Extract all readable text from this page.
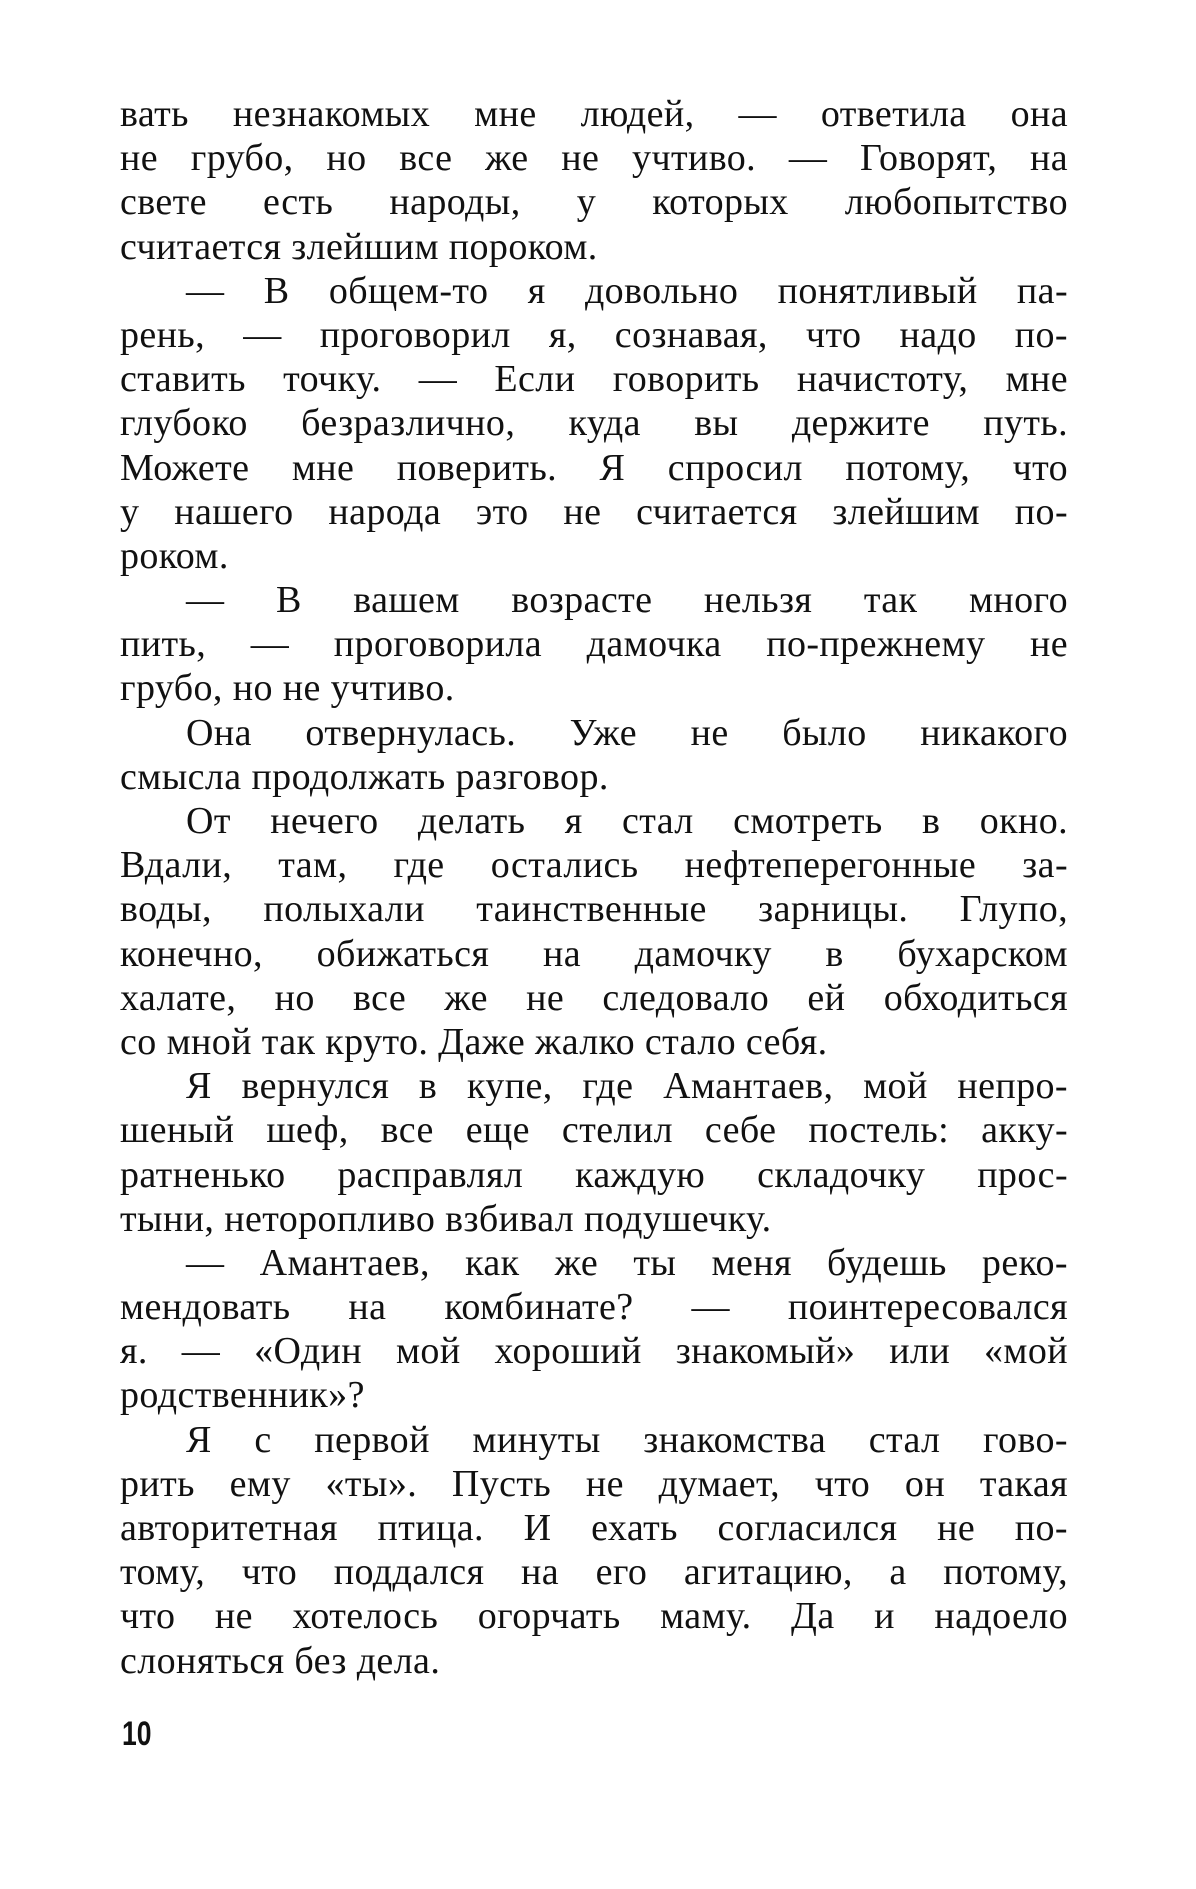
вать незнакомых мне людей, — ответила она
не грубо, но все же не учтиво. — Говорят, на
свете есть народы, у которых любопытство
считается злейшим пороком.
— В общем-то я довольно понятливый па-
рень, — проговорил я, сознавая, что надо по-
ставить точку. — Если говорить начистоту, мне
глубоко безразлично, куда вы держите путь.
Можете мне поверить. Я спросил потому, что
у нашего народа это не считается злейшим по-
роком.
— В вашем возрасте нельзя так много
пить, — проговорила дамочка по-прежнему не
грубо, но не учтиво.
Она отвернулась. Уже не было никакого
смысла продолжать разговор.
От нечего делать я стал смотреть в окно.
Вдали, там, где остались нефтеперегонные за-
воды, полыхали таинственные зарницы. Глупо,
конечно, обижаться на дамочку в бухарском
халате, но все же не следовало ей обходиться
со мной так круто. Даже жалко стало себя.
Я вернулся в купе, где Амантаев, мой непро-
шеный шеф, все еще стелил себе постель: акку-
ратненько расправлял каждую складочку прос-
тыни, неторопливо взбивал подушечку.
— Амантаев, как же ты меня будешь реко-
мендовать на комбинате? — поинтересовался
я. — «Один мой хороший знакомый» или «мой
родственник»?
Я с первой минуты знакомства стал гово-
рить ему «ты». Пусть не думает, что он такая
авторитетная птица. И ехать согласился не по-
тому, что поддался на его агитацию, а потому,
что не хотелось огорчать маму. Да и надоело
слоняться без дела.
10
